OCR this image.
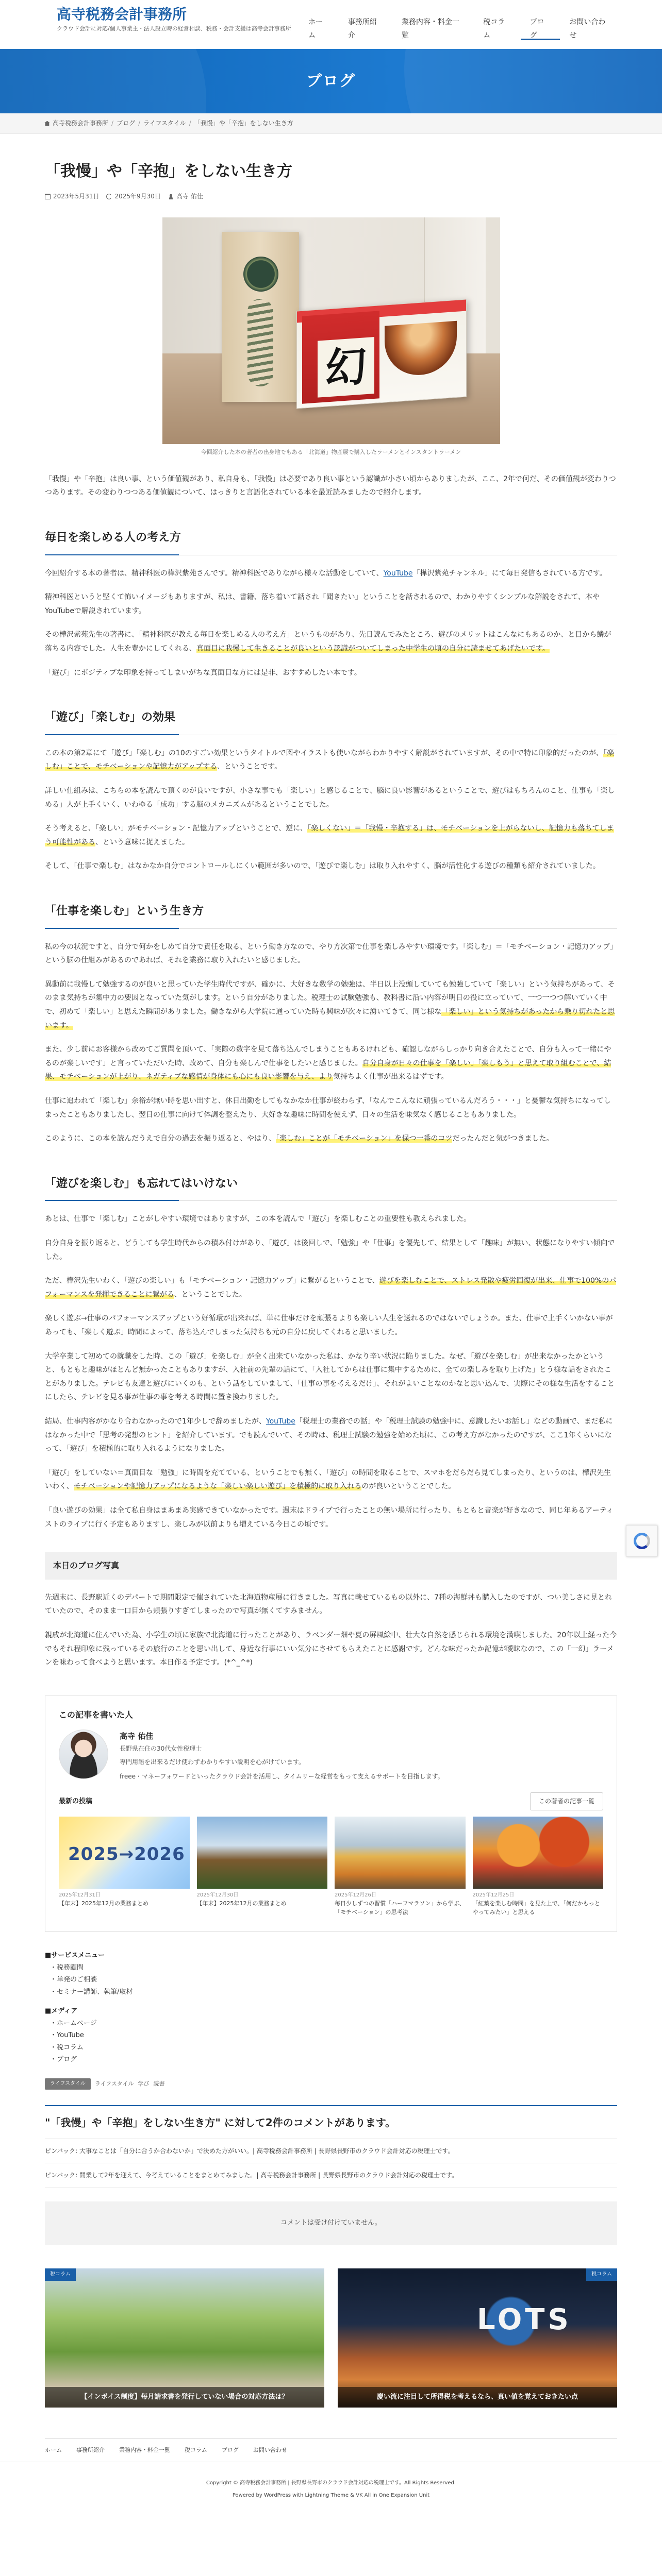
高寺税務会計事務所
クラウド会計に対応/個人事業主・法人設立時の経営相談、税務・会計支援は高寺会計事務所
ホーム
事務所紹介
業務内容・料金一覧
税コラム
ブログ
お問い合わせ
ブログ
高寺税務会計事務所 / ブログ / ライフスタイル / 「我慢」や「辛抱」をしない生き方
「我慢」や「辛抱」をしない生き方
2023年5月31日	2025年9月30日	高寺 佑佳
幻
今回紹介した本の著者の出身地でもある「北海道」物産展で購入したラーメンとインスタントラーメン

「我慢」や「辛抱」は良い事、という価値観があり、私自身も、「我慢」は必要であり良い事という認識が小さい頃からありましたが、ここ、2年で何だ、その価値観が変わりつつあります。その変わりつつある価値観について、はっきりと言語化されている本を最近読みましたので紹介します。

毎日を楽しめる人の考え方

今回紹介する本の著者は、精神科医の樺沢紫苑さんです。精神科医でありながら様々な活動をしていて、YouTube「樺沢紫苑チャンネル」にて毎日発信もされている方です。

精神科医というと堅くて怖いイメージもありますが、私は、書籍、落ち着いて話され「聞きたい」ということを話されるので、わかりやすくシンプルな解説をされて、本やYouTubeで解説されています。

その樺沢紫苑先生の著書に、「精神科医が教える毎日を楽しめる人の考え方」というものがあり、先日読んでみたところ、遊びのメリットはこんなにもあるのか、と目から鱗が落ちる内容でした。人生を豊かにしてくれる、真面目に我慢して生きることが良いという認識がついてしまった中学生の頃の自分に読ませてあげたいです。

「遊び」にポジティブな印象を持ってしまいがちな真面目な方には是非、おすすめしたい本です。

「遊び」「楽しむ」の効果

この本の第2章にて「遊び」「楽しむ」の10のすごい効果というタイトルで図やイラストも使いながらわかりやすく解説がされていますが、その中で特に印象的だったのが、「楽しむ」ことで、モチベーションや記憶力がアップする、ということです。

詳しい仕組みは、こちらの本を読んで頂くのが良いですが、小さな事でも「楽しい」と感じることで、脳に良い影響があるということで、遊びはもちろんのこと、仕事も「楽しめる」人が上手くいく、いわゆる「成功」する脳のメカニズムがあるということでした。

そう考えると、「楽しい」がモチベーション・記憶力アップということで、逆に、「楽しくない」＝「我慢・辛抱する」は、モチベーションを上がらないし、記憶力も落ちてしまう可能性がある、という意味に捉えました。

そして、「仕事で楽しむ」はなかなか自分でコントロールしにくい範囲が多いので、「遊びで楽しむ」は取り入れやすく、脳が活性化する遊びの種類も紹介されていました。

「仕事を楽しむ」という生き方

私の今の状況ですと、自分で何かをしめて自分で責任を取る、という働き方なので、やり方次第で仕事を楽しみやすい環境です。「楽しむ」＝「モチベーション・記憶力アップ」という脳の仕組みがあるのであれば、それを業務に取り入れたいと感じました。

異動前に我慢して勉強するのが良いと思っていた学生時代ですが、確かに、大好きな数学の勉強は、半日以上没頭していても勉強していて「楽しい」という気持ちがあって、そのまま気持ちが集中力の要因となっていた気がします。という自分がありました。税理士の試験勉強も、教科書に沿い内容が明日の役に立っていて、一つ一つつ解いていく中で、初めて「楽しい」と思えた瞬間がありました。働きながら大学院に通っていた時も興味が次々に湧いてきて、同じ様な「楽しい」という気持ちがあったから乗り切れたと思います。

また、少し前にお客様から改めてご質問を頂いて、「実際の数字を見て落ち込んでしまうこともあるけれども、確認しながらしっかり向き合えたことで、自分も入って一緒にやるのが楽しいです」と言っていただいた時、改めて、自分も楽しんで仕事をしたいと感じました。自分自身が日々の仕事を「楽しい」「楽しもう」と思えて取り組むことで、結果、モチベーションが上がり、ネガティブな感情が身体にも心にも良い影響を与え、より気持ちよく仕事が出来るはずです。

仕事に追われて「楽しむ」余裕が無い時を思い出すと、休日出勤をしてもなかなか仕事が終わらず、「なんでこんなに頑張っているんだろう・・・」と憂鬱な気持ちになってしまったこともありましたし、翌日の仕事に向けて体調を整えたり、大好きな趣味に時間を使えず、日々の生活を味気なく感じることもありました。

このように、この本を読んだうえで自分の過去を振り返ると、やはり、「楽しむ」ことが「モチベーション」を保つ一番のコツだったんだと気がつきました。

「遊びを楽しむ」も忘れてはいけない

あとは、仕事で「楽しむ」ことがしやすい環境ではありますが、この本を読んで「遊び」を楽しむことの重要性も教えられました。

自分自身を振り返ると、どうしても学生時代からの積み付けがあり、「遊び」は後回しで、「勉強」や「仕事」を優先して、結果として「趣味」が無い、状態になりやすい傾向でした。

ただ、樺沢先生いわく、「遊びの楽しい」も「モチベーション・記憶力アップ」に繋がるということで、遊びを楽しむことで、ストレス発散や疲労回復が出来、仕事で100%のパフォーマンスを発揮できることに繋がる、ということでした。

楽しく遊ぶ→仕事のパフォーマンスアップという好循環が出来れば、単に仕事だけを頑張るよりも楽しい人生を送れるのではないでしょうか。また、仕事で上手くいかない事があっても、「楽しく遊ぶ」時間によって、落ち込んでしまった気持ちも元の自分に戻してくれると思いました。

大学卒業して初めての就職をした時、この「遊び」を楽しむ」が全く出来ていなかった私は、かなり辛い状況に陥りました。なぜ、「遊びを楽しむ」が出来なかったかというと、もともと趣味がほとんど無かったこともありますが、入社前の先輩の話にて、「入社してからは仕事に集中するために、全ての楽しみを取り上げた」とう様な話をされたことがありました。テレビも友達と遊びにいくのも、という話をしていまして、「仕事の事を考えるだけ」、それがよいことなのかなと思い込んで、実際にその様な生活をすることにしたら、テレビを見る事が仕事の事を考える時間に置き換わりました。

結局、仕事内容がかなり合わなかったので1年少しで辞めましたが、YouTube「税理士の業務での話」や「税理士試験の勉強中に、意識したいお話し」などの動画で、まだ私にはなかった中で「思考の発想のヒント」を紹介しています。でも読んでいて、その時は、税理士試験の勉強を始めた頃に、この考え方がなかったのですが、ここ1年くらいになって、「遊び」を積極的に取り入れるようになりました。

「遊び」をしていない＝真面目な「勉強」に時間を充てている、ということでも無く、「遊び」の時間を取ることで、スマホをだらだら見てしまったり、というのは、樺沢先生いわく、モチベーションや記憶力アップになるような「楽しい楽しい遊び」を積極的に取り入れるのが良いということでした。

「良い遊びの効果」は全て私自身はまあまあ実感できていなかったです。週末はドライブで行ったことの無い場所に行ったり、もともと音楽が好きなので、同じ年あるアーティストのライブに行く予定もありますし、楽しみが以前よりも増えている今日この頃です。

本日のブログ写真

先週末に、長野駅近くのデパートで期間限定で催されていた北海道物産展に行きました。写真に載せているもの以外に、7種の海鮮丼も購入したのですが、つい美しさに見とれていたので、そのまま一口目から頬張りすぎてしまったので写真が無くてすみません。

親戚が北海道に住んでいた為、小学生の頃に家族で北海道に行ったことがあり、ラベンダー畑や夏の屏風絵中、壮大な自然を感じられる環境を満喫しました。20年以上経った今でもそれ程印象に残っているその旅行のことを思い出して、身近な行事にいい気分にさせてもらえたことに感謝です。どんな味だったか記憶が曖昧なので、この「一幻」ラーメンを味わって食べようと思います。本日作る予定です。(*^_^*)

この記事を書いた人
高寺 佑佳
長野県在住の30代女性税理士
専門用語を出来るだけ使わずわかりやすい説明を心がけています。
freee・マネーフォワードといったクラウド会計を活用し、タイムリーな経営をもって支えるサポートを目指します。
最新の投稿	この著者の記事一覧
2025→2026
2025年12月31日
【年末】2025年12月の業務まとめ
2025年12月30日
【年末】2025年12月の業務まとめ
2025年12月26日
毎日少しずつの習慣「ハーフマラソン」から学ぶ、「モチベーション」の思考法
2025年12月25日
「紅葉を楽しむ時間」を見た上で、「何だかもっとやってみたい」と思える
■サービスメニュー
・税務顧問
・単発のご相談
・セミナー講師、執筆/取材
■メディア
・ホームページ
・YouTube
・税コラム
・ブログ
ライフスタイル	ライフスタイル 学び 読書
"「我慢」や「辛抱」をしない生き方" に対して2件のコメントがあります。
ピンバック: 大事なことは「自分に合うか合わないか」で決めた方がいい。| 高寺税務会計事務所 | 長野県長野市のクラウド会計対応の税理士です。
ピンバック: 開業して2年を迎えて、今考えていることをまとめてみました。| 高寺税務会計事務所 | 長野県長野市のクラウド会計対応の税理士です。
コメントは受け付けていません。
税コラム
【インボイス制度】毎月請求書を発行していない場合の対応方法は？
LOTS
税コラム
慶い流に注目して所得税を考えるなら、真い値を覚えておきたい点
ホーム	事務所紹介	業務内容・料金一覧	税コラム	ブログ	お問い合わせ
Copyright © 高寺税務会計事務所 | 長野県長野市のクラウド会計対応の税理士です。All Rights Reserved.
Powered by WordPress with Lightning Theme & VK All in One Expansion Unit
